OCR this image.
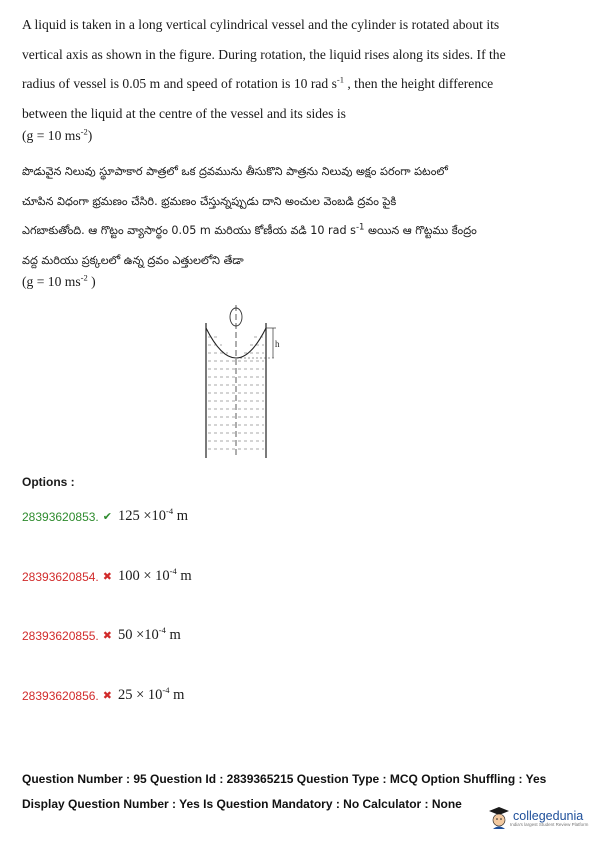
A liquid is taken in a long vertical cylindrical vessel and the cylinder is rotated about its

vertical axis as shown in the figure. During rotation, the liquid rises along its sides. If the

radius of vessel is 0.05 m and speed of rotation is 10 rad $s^{-1}$ , then the height difference

between the liquid at the centre of the vessel and its sides is

(g = 10 $ms^{-2}$)

పొడువైన నిలువు స్థూపాకార పాత్రలో ఒక ద్రవమును తీసుకొని పాత్రను నిలువు అక్షం పరంగా పటంలో

చూపిన విధంగా భ్రమణం చేసిరి. భ్రమణం చేస్తున్నప్పుడు దాని అంచుల వెంబడి ద్రవం పైకి

ఎగబాకుతోంది. ఆ గొట్టం వ్యాసార్థం 0.05 m మరియు కోణీయ వడి 10 rad $s^{-1}$ అయిన ఆ గొట్టము కేంద్రం

వద్ద మరియు ప్రక్కలలో ఉన్న ద్రవం ఎత్తులలోని తేడా

(g = 10 $ms^{-2}$ )
h
Options :
28393620853. ✔ $125 \times 10^{-4}$ m
28393620854. ✖ $100 \times 10^{-4}$ m
28393620855. ✖ $50 \times 10^{-4}$ m
28393620856. ✖ $25 \times 10^{-4}$ m
Question Number : 95 Question Id : 2839365215 Question Type : MCQ Option Shuffling : Yes
Display Question Number : Yes Is Question Mandatory : No Calculator : None
collegedunia
India's largest Student Review Platform
